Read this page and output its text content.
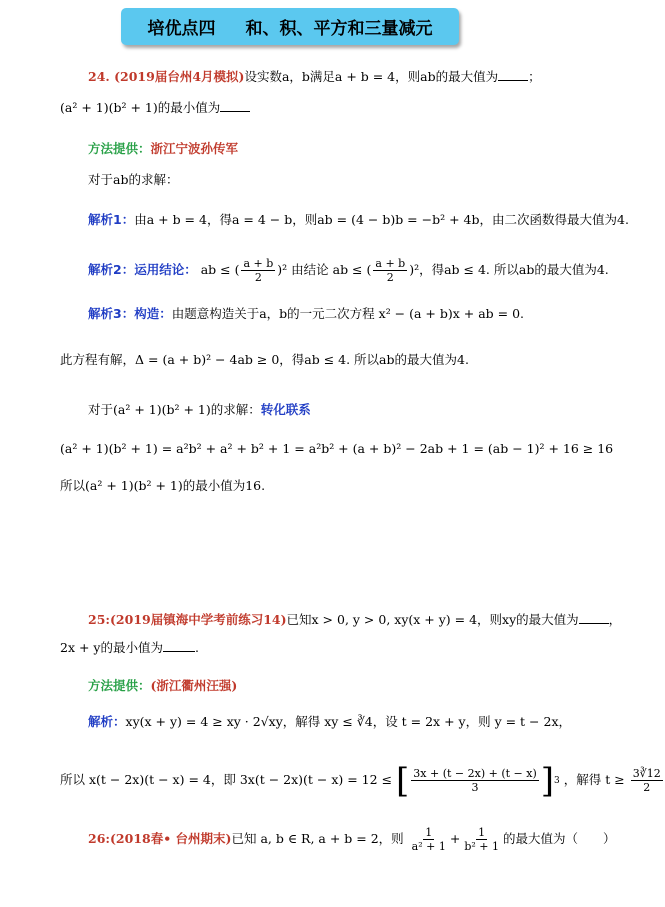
培优点四 和、积、平方和三量减元
24. (2019届台州4月模拟)设实数a，b满足a + b = 4，则ab的最大值为 ；
(a² + 1)(b² + 1)的最小值为
方法提供：浙江宁波孙传军
对于ab的求解：
解析1：由a + b = 4，得a = 4 − b，则ab = (4 − b)b = −b² + 4b，由二次函数得最大值为4.
解析2：运用结论： ab ≤ ( $\frac{a + b}{2} )^2$ 由结论 ab ≤ ( $\frac{a + b}{2} )^2$，得ab ≤ 4. 所以ab的最大值为4.
解析3：构造：由题意构造关于a，b的一元二次方程 x² − (a + b)x + ab = 0.
此方程有解，Δ = (a + b)² − 4ab ≥ 0，得ab ≤ 4. 所以ab的最大值为4.
对于(a² + 1)(b² + 1)的求解：转化联系
(a² + 1)(b² + 1) = a²b² + a² + b² + 1 = a²b² + (a + b)² − 2ab + 1 = (ab − 1)² + 16 ≥ 16
所以(a² + 1)(b² + 1)的最小值为16.
25:(2019届镇海中学考前练习14)已知x > 0, y > 0, xy(x + y) = 4，则xy的最大值为 ，
2x + y的最小值为	.
方法提供：(浙江衢州汪强)
解析：xy(x + y) = 4 ≥ xy · 2√xy，解得 xy ≤ ∛4，设 t = 2x + y，则 y = t − 2x，
所以 x(t − 2x)(t − x) = 4，即 3x(t − 2x)(t − x) = 12 ≤ [ $\frac{3x + (t - 2x) + (t - x)}{3}$ ] 3 ，解得 $t \ge \frac{3∛12}{2}$
26:(2018春• 台州期末)已知 a, b ∈ R, a + b = 2，则 $\frac{1}{\text{a² + 1}} + \frac{1}{\text{b² + 1}}$ 的最大值为（　　）
